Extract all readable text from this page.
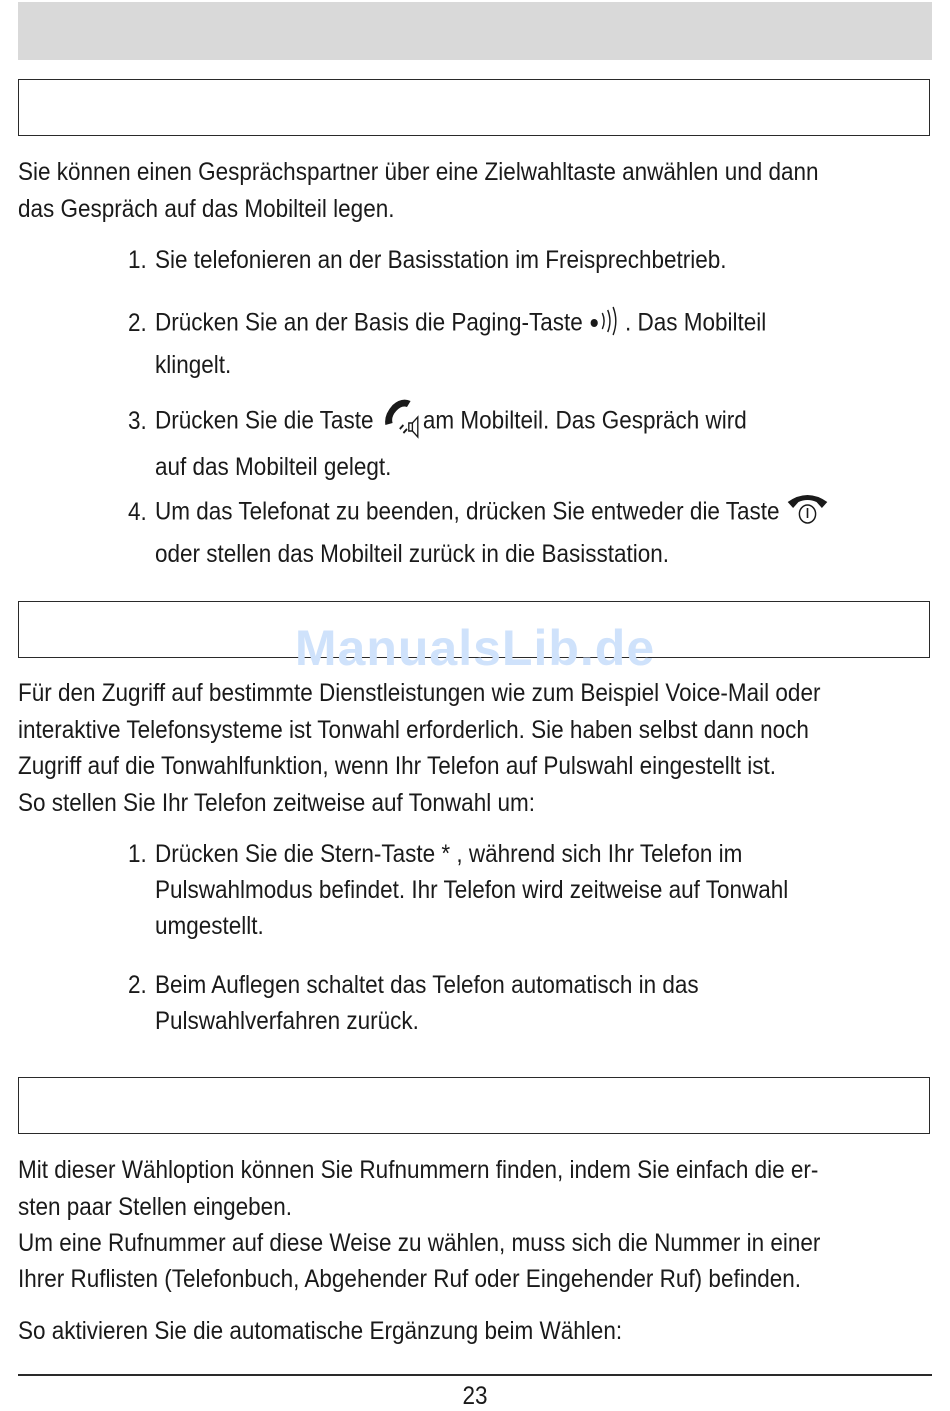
Sie können einen Gesprächspartner über eine Zielwahltaste anwählen und dann
das Gespräch auf das Mobilteil legen.
1. Sie telefonieren an der Basisstation im Freisprechbetrieb.
2. Drücken Sie an der Basis die Paging-Taste . Das Mobilteil
klingelt.
3. Drücken Sie die Taste am Mobilteil. Das Gespräch wird
auf das Mobilteil gelegt.
4. Um das Telefonat zu beenden, drücken Sie entweder die Taste
oder stellen das Mobilteil zurück in die Basisstation.
ManualsLib.de
Für den Zugriff auf bestimmte Dienstleistungen wie zum Beispiel Voice-Mail oder
interaktive Telefonsysteme ist Tonwahl erforderlich. Sie haben selbst dann noch
Zugriff auf die Tonwahlfunktion, wenn Ihr Telefon auf Pulswahl eingestellt ist.
So stellen Sie Ihr Telefon zeitweise auf Tonwahl um:
1. Drücken Sie die Stern-Taste * , während sich Ihr Telefon im
Pulswahlmodus befindet. Ihr Telefon wird zeitweise auf Tonwahl
umgestellt.
2. Beim Auflegen schaltet das Telefon automatisch in das
Pulswahlverfahren zurück.
Mit dieser Wähloption können Sie Rufnummern finden, indem Sie einfach die er-
sten paar Stellen eingeben.
Um eine Rufnummer auf diese Weise zu wählen, muss sich die Nummer in einer
Ihrer Ruflisten (Telefonbuch, Abgehender Ruf oder Eingehender Ruf) befinden.
So aktivieren Sie die automatische Ergänzung beim Wählen:
23
